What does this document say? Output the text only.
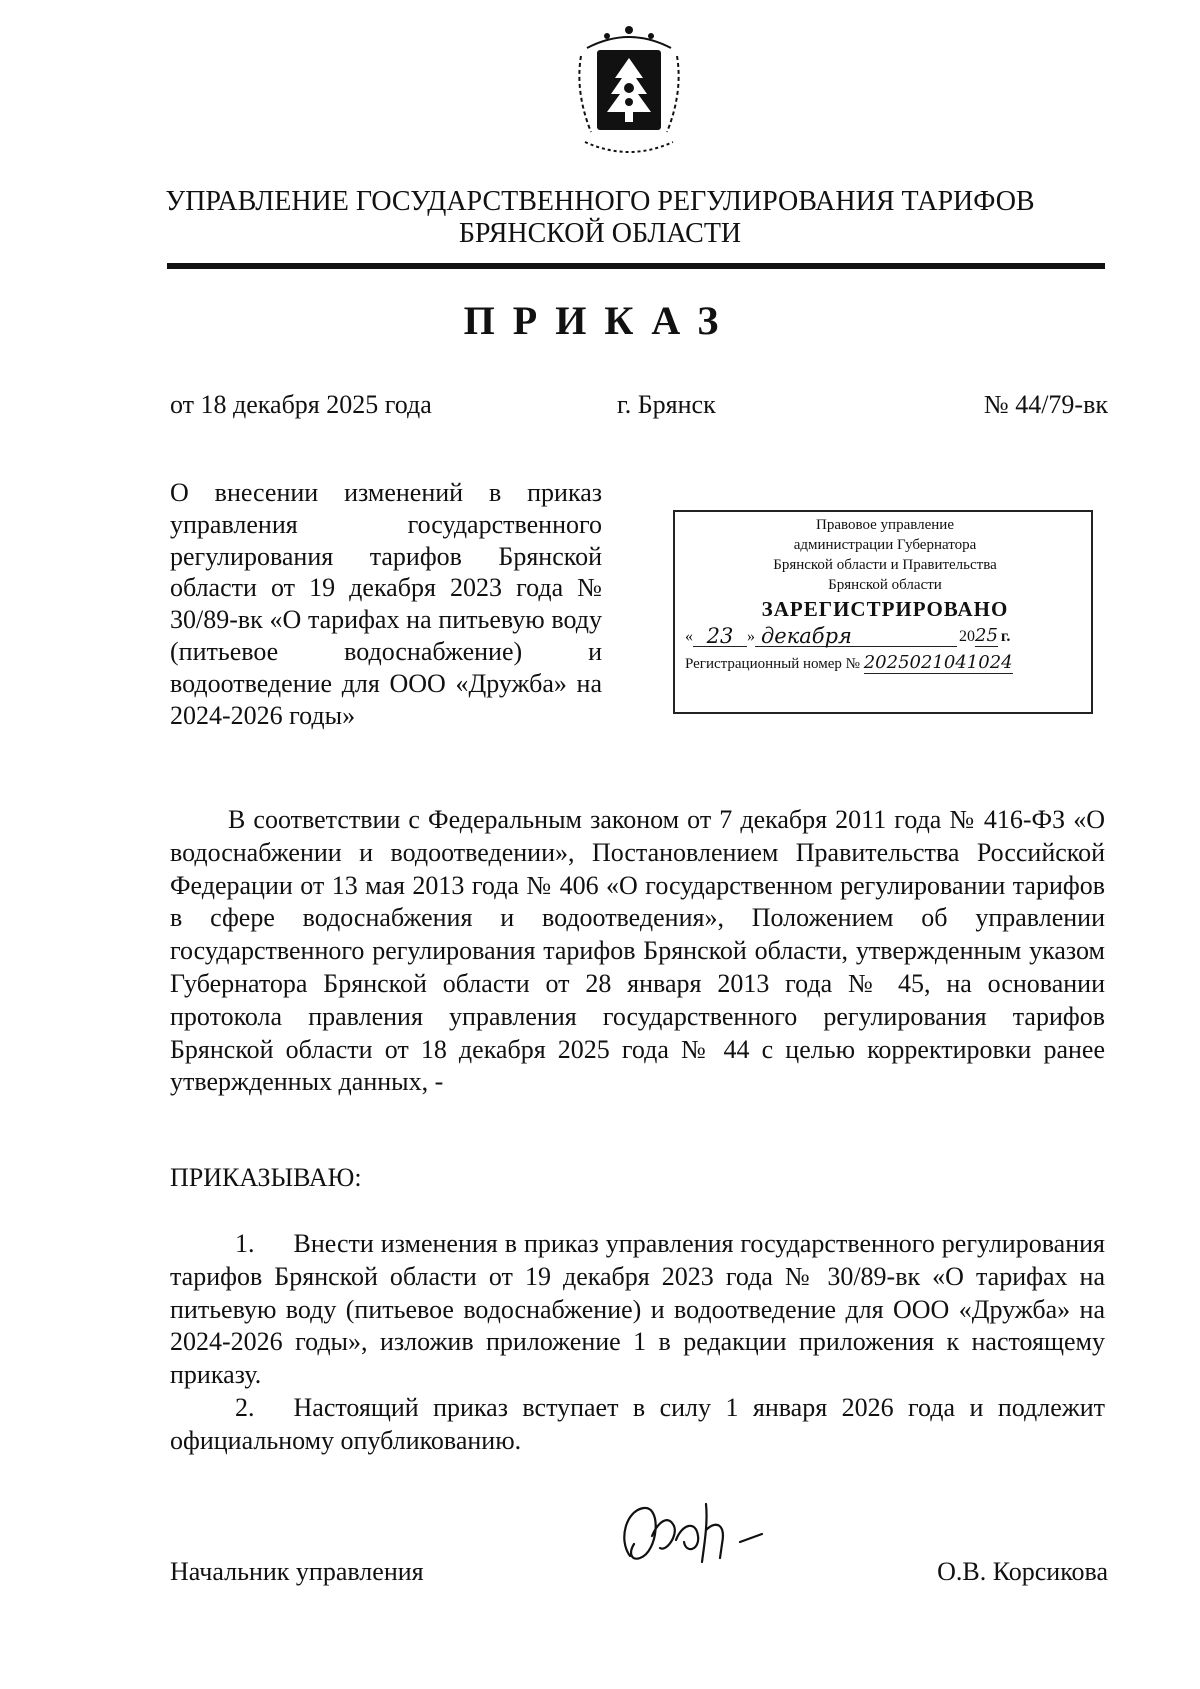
УПРАВЛЕНИЕ ГОСУДАРСТВЕННОГО РЕГУЛИРОВАНИЯ ТАРИФОВ
БРЯНСКОЙ ОБЛАСТИ
ПРИКАЗ
от 18 декабря 2025 года	г. Брянск	№ 44/79-вк

О внесении изменений в приказ управления государственного регулирования тарифов Брянской области от 19 декабря 2023 года № 30/89-вк «О тарифах на питьевую воду (питьевое водоснабжение) и водоотведение для ООО «Дружба» на 2024-2026 годы»

Правовое управление
администрации Губернатора
Брянской области и Правительства
Брянской области
ЗАРЕГИСТРИРОВАНО
« 23 » декабря	20 25 г.
Регистрационный номер № 2025021041024

В соответствии с Федеральным законом от 7 декабря 2011 года № 416-ФЗ «О водоснабжении и водоотведении», Постановлением Правительства Российской Федерации от 13 мая 2013 года № 406 «О государственном регулировании тарифов в сфере водоснабжения и водоотведения», Положением об управлении государственного регулирования тарифов Брянской области, утвержденным указом Губернатора Брянской области от 28 января 2013 года № 45, на основании протокола правления управления государственного регулирования тарифов Брянской области от 18 декабря 2025 года № 44 с целью корректировки ранее утвержденных данных, -

ПРИКАЗЫВАЮ:

1.  Внести изменения в приказ управления государственного регулирования тарифов Брянской области от 19 декабря 2023 года № 30/89-вк «О тарифах на питьевую воду (питьевое водоснабжение) и водоотведение для ООО «Дружба» на 2024-2026 годы», изложив приложение 1 в редакции приложения к настоящему приказу.

2.  Настоящий приказ вступает в силу 1 января 2026 года и подлежит официальному опубликованию.

Начальник управления	О.В. Корсикова
